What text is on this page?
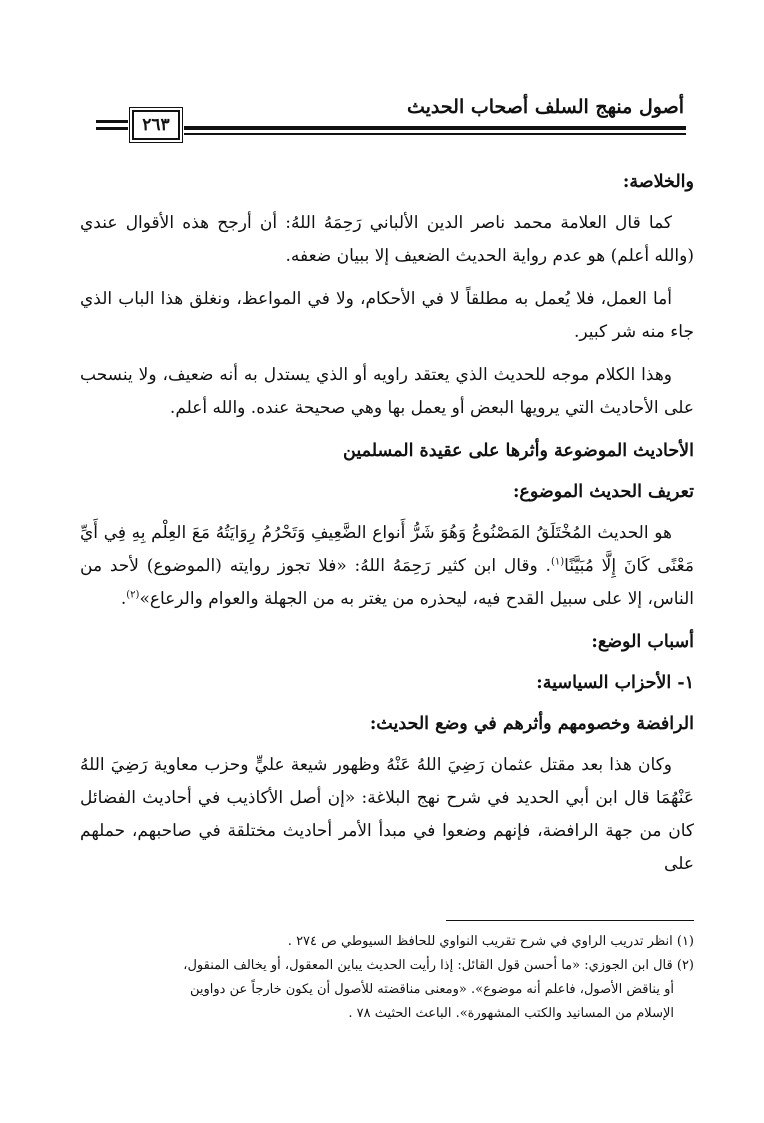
أصول منهج السلف أصحاب الحديث
٢٦٣
والخلاصة:

كما قال العلامة محمد ناصر الدين الألباني رَحِمَهُ اللهُ: أن أرجح هذه الأقوال عندي (والله أعلم) هو عدم رواية الحديث الضعيف إلا ببيان ضعفه.

أما العمل، فلا يُعمل به مطلقاً لا في الأحكام، ولا في المواعظ، ونغلق هذا الباب الذي جاء منه شر كبير.

وهذا الكلام موجه للحديث الذي يعتقد راويه أو الذي يستدل به أنه ضعيف، ولا ينسحب على الأحاديث التي يرويها البعض أو يعمل بها وهي صحيحة عنده. والله أعلم.

الأحاديث الموضوعة وأثرها على عقيدة المسلمين
تعريف الحديث الموضوع:

هو الحديث المُخْتَلَقُ المَصْنُوعُ وَهُوَ شَرُّ أَنواع الضَّعِيفِ وَتَحْرُمُ رِوَايَتُهُ مَعَ العِلْم بِهِ فِي أَيِّ مَعْنًى كَانَ إِلَّا مُبَيَّنًا$^{(١)}$. وقال ابن كثير رَحِمَهُ اللهُ: «فلا تجوز روايته (الموضوع) لأحد من الناس، إلا على سبيل القدح فيه، ليحذره من يغتر به من الجهلة والعوام والرعاع»$^{(٢)}$.

أسباب الوضع:
١- الأحزاب السياسية:
الرافضة وخصومهم وأثرهم في وضع الحديث:

وكان هذا بعد مقتل عثمان رَضِيَ اللهُ عَنْهُ وظهور شيعة عليٍّ وحزب معاوية رَضِيَ اللهُ عَنْهُمَا قال ابن أبي الحديد في شرح نهج البلاغة: «إن أصل الأكاذيب في أحاديث الفضائل كان من جهة الرافضة، فإنهم وضعوا في مبدأ الأمر أحاديث مختلقة في صاحبهم، حملهم على

(١) انظر تدريب الراوي في شرح تقريب النواوي للحافظ السيوطي ص ٢٧٤ .

(٢) قال ابن الجوزي: «ما أحسن قول القائل: إذا رأيت الحديث يباين المعقول، أو يخالف المنقول،

أو يناقض الأصول، فاعلم أنه موضوع». «ومعنى مناقضته للأصول أن يكون خارجاً عن دواوين

الإسلام من المسانيد والكتب المشهورة». الباعث الحثيث ٧٨ .
